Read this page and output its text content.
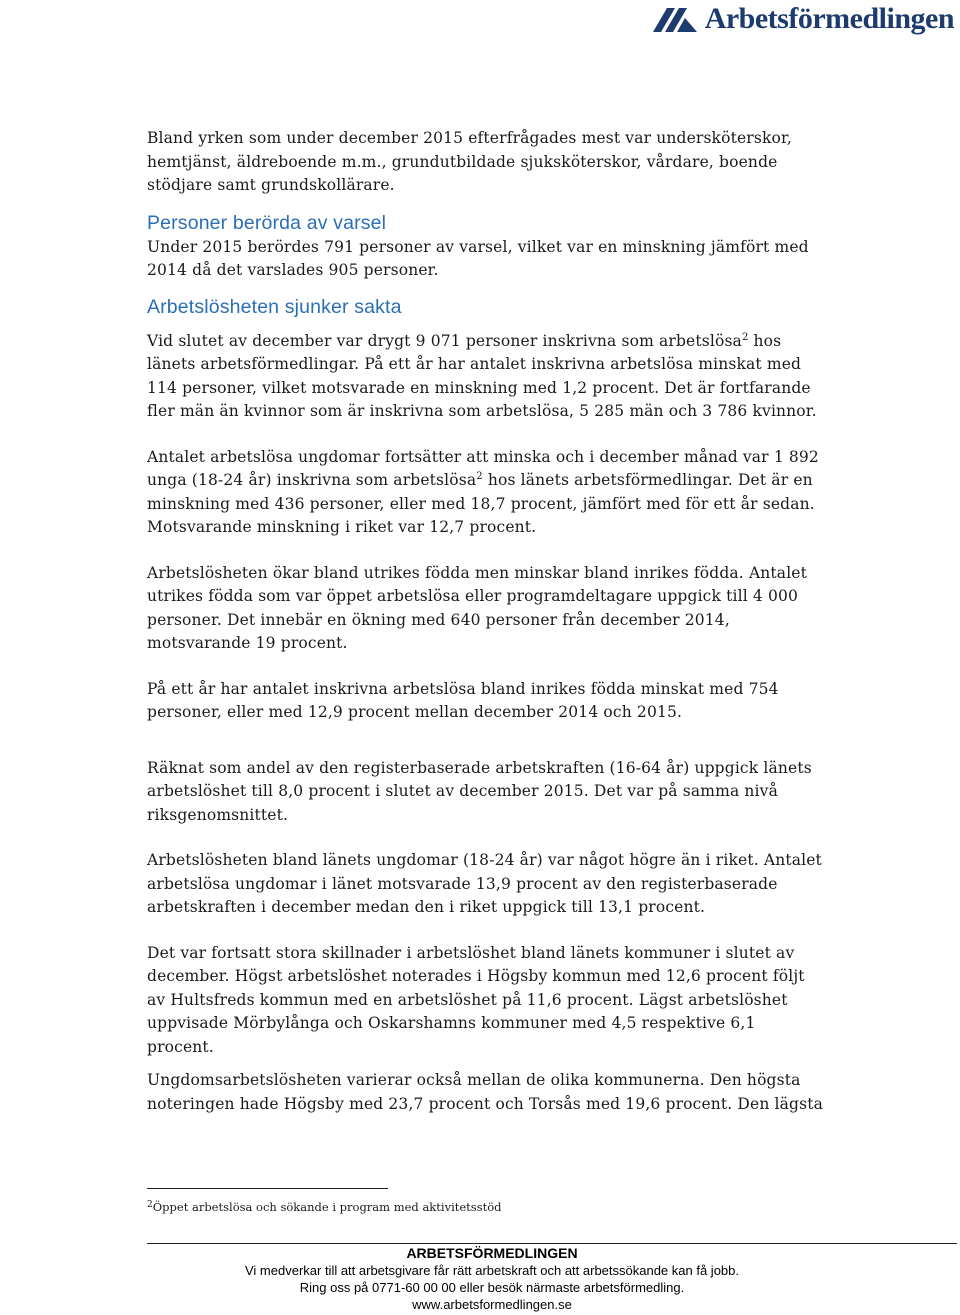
Arbetsförmedlingen

Bland yrken som under december 2015 efterfrågades mest var undersköterskor, hemtjänst, äldreboende m.m., grundutbildade sjuksköterskor, vårdare, boende stödjare samt grundskollärare.

Personer berörda av varsel

Under 2015 berördes 791 personer av varsel, vilket var en minskning jämfört med 2014 då det varslades 905 personer.

Arbetslösheten sjunker sakta

Vid slutet av december var drygt 9 071 personer inskrivna som arbetslösa$^2$ hos länets arbetsförmedlingar. På ett år har antalet inskrivna arbetslösa minskat med 114 personer, vilket motsvarade en minskning med 1,2 procent. Det är fortfarande fler män än kvinnor som är inskrivna som arbetslösa, 5 285 män och 3 786 kvinnor.

Antalet arbetslösa ungdomar fortsätter att minska och i december månad var 1 892 unga (18-24 år) inskrivna som arbetslösa$^2$ hos länets arbetsförmedlingar. Det är en minskning med 436 personer, eller med 18,7 procent, jämfört med för ett år sedan. Motsvarande minskning i riket var 12,7 procent.

Arbetslösheten ökar bland utrikes födda men minskar bland inrikes födda. Antalet utrikes födda som var öppet arbetslösa eller programdeltagare uppgick till 4 000 personer. Det innebär en ökning med 640 personer från december 2014, motsvarande 19 procent.

På ett år har antalet inskrivna arbetslösa bland inrikes födda minskat med 754 personer, eller med 12,9 procent mellan december 2014 och 2015.

Räknat som andel av den registerbaserade arbetskraften (16-64 år) uppgick länets arbetslöshet till 8,0 procent i slutet av december 2015. Det var på samma nivå riksgenomsnittet.

Arbetslösheten bland länets ungdomar (18-24 år) var något högre än i riket. Antalet arbetslösa ungdomar i länet motsvarade 13,9 procent av den registerbaserade arbetskraften i december medan den i riket uppgick till 13,1 procent.

Det var fortsatt stora skillnader i arbetslöshet bland länets kommuner i slutet av december. Högst arbetslöshet noterades i Högsby kommun med 12,6 procent följt av Hultsfreds kommun med en arbetslöshet på 11,6 procent. Lägst arbetslöshet uppvisade Mörbylånga och Oskarshamns kommuner med 4,5 respektive 6,1 procent.

Ungdomsarbetslösheten varierar också mellan de olika kommunerna. Den högsta noteringen hade Högsby med 23,7 procent och Torsås med 19,6 procent. Den lägsta

$^2$Öppet arbetslösa och sökande i program med aktivitetsstöd
ARBETSFÖRMEDLINGEN
Vi medverkar till att arbetsgivare får rätt arbetskraft och att arbetssökande kan få jobb.
Ring oss på 0771-60 00 00 eller besök närmaste arbetsförmedling.
www.arbetsformedlingen.se
